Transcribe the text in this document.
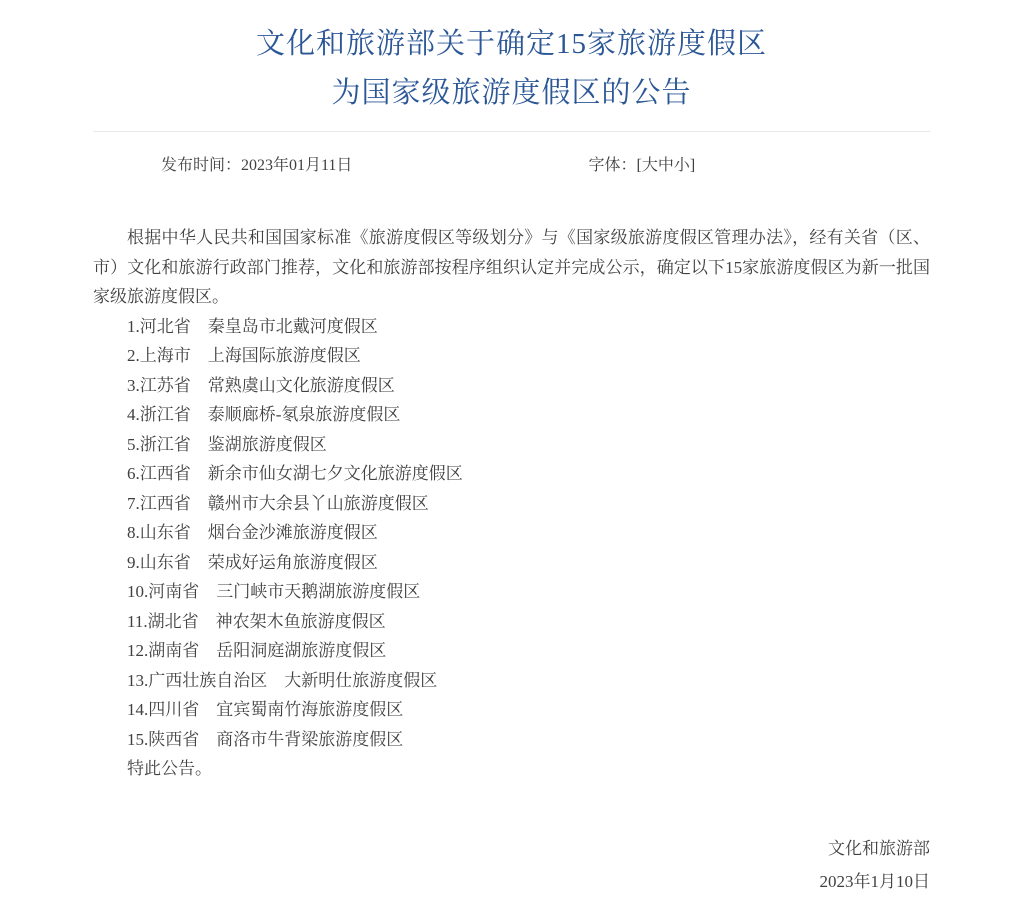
文化和旅游部关于确定15家旅游度假区
为国家级旅游度假区的公告
发布时间：2023年01月11日	字体：[大中小]

根据中华人民共和国国家标准《旅游度假区等级划分》与《国家级旅游度假区管理办法》，经有关省（区、市）文化和旅游行政部门推荐，文化和旅游部按程序组织认定并完成公示，确定以下15家旅游度假区为新一批国家级旅游度假区。

1.河北省　秦皇岛市北戴河度假区
2.上海市　上海国际旅游度假区
3.江苏省　常熟虞山文化旅游度假区
4.浙江省　泰顺廊桥-氡泉旅游度假区
5.浙江省　鉴湖旅游度假区
6.江西省　新余市仙女湖七夕文化旅游度假区
7.江西省　赣州市大余县丫山旅游度假区
8.山东省　烟台金沙滩旅游度假区
9.山东省　荣成好运角旅游度假区
10.河南省　三门峡市天鹅湖旅游度假区
11.湖北省　神农架木鱼旅游度假区
12.湖南省　岳阳洞庭湖旅游度假区
13.广西壮族自治区　大新明仕旅游度假区
14.四川省　宜宾蜀南竹海旅游度假区
15.陕西省　商洛市牛背梁旅游度假区
特此公告。
文化和旅游部
2023年1月10日
